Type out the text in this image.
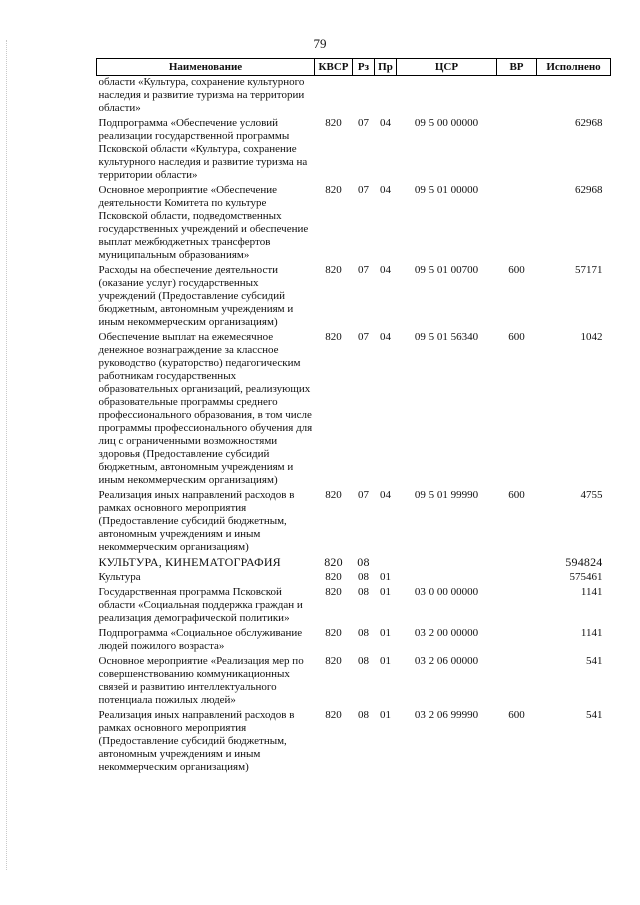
79
Наименование	КВСР	Рз	Пр	ЦСР	ВР	Исполнено
области «Культура, сохранение культурного наследия и развитие туризма на территории области»						
Подпрограмма «Обеспечение условий реализации государственной программы Псковской области «Культура, сохранение культурного наследия и развитие туризма на территории области»	820	07	04	09 5 00 00000		62968
Основное мероприятие «Обеспечение деятельности Комитета по культуре Псковской области, подведомственных государственных учреждений и обеспечение выплат межбюджетных трансфертов муниципальным образованиям»	820	07	04	09 5 01 00000		62968
Расходы на обеспечение деятельности (оказание услуг) государственных учреждений (Предоставление субсидий бюджетным, автономным учреждениям и иным некоммерческим организациям)	820	07	04	09 5 01 00700	600	57171
Обеспечение выплат на ежемесячное денежное вознаграждение за классное руководство (кураторство) педагогическим работникам государственных образовательных организаций, реализующих образовательные программы среднего профессионального образования, в том числе программы профессионального обучения для лиц с ограниченными возможностями здоровья (Предоставление субсидий бюджетным, автономным учреждениям и иным некоммерческим организациям)	820	07	04	09 5 01 56340	600	1042
Реализация иных направлений расходов в рамках основного мероприятия (Предоставление субсидий бюджетным, автономным учреждениям и иным некоммерческим организациям)	820	07	04	09 5 01 99990	600	4755
КУЛЬТУРА, КИНЕМАТОГРАФИЯ	820	08				594824
Культура	820	08	01			575461
Государственная программа Псковской области «Социальная поддержка граждан и реализация демографической политики»	820	08	01	03 0 00 00000		1141
Подпрограмма «Социальное обслуживание людей пожилого возраста»	820	08	01	03 2 00 00000		1141
Основное мероприятие «Реализация мер по совершенствованию коммуникационных связей и развитию интеллектуального потенциала пожилых людей»	820	08	01	03 2 06 00000		541
Реализация иных направлений расходов в рамках основного мероприятия (Предоставление субсидий бюджетным, автономным учреждениям и иным некоммерческим организациям)	820	08	01	03 2 06 99990	600	541
